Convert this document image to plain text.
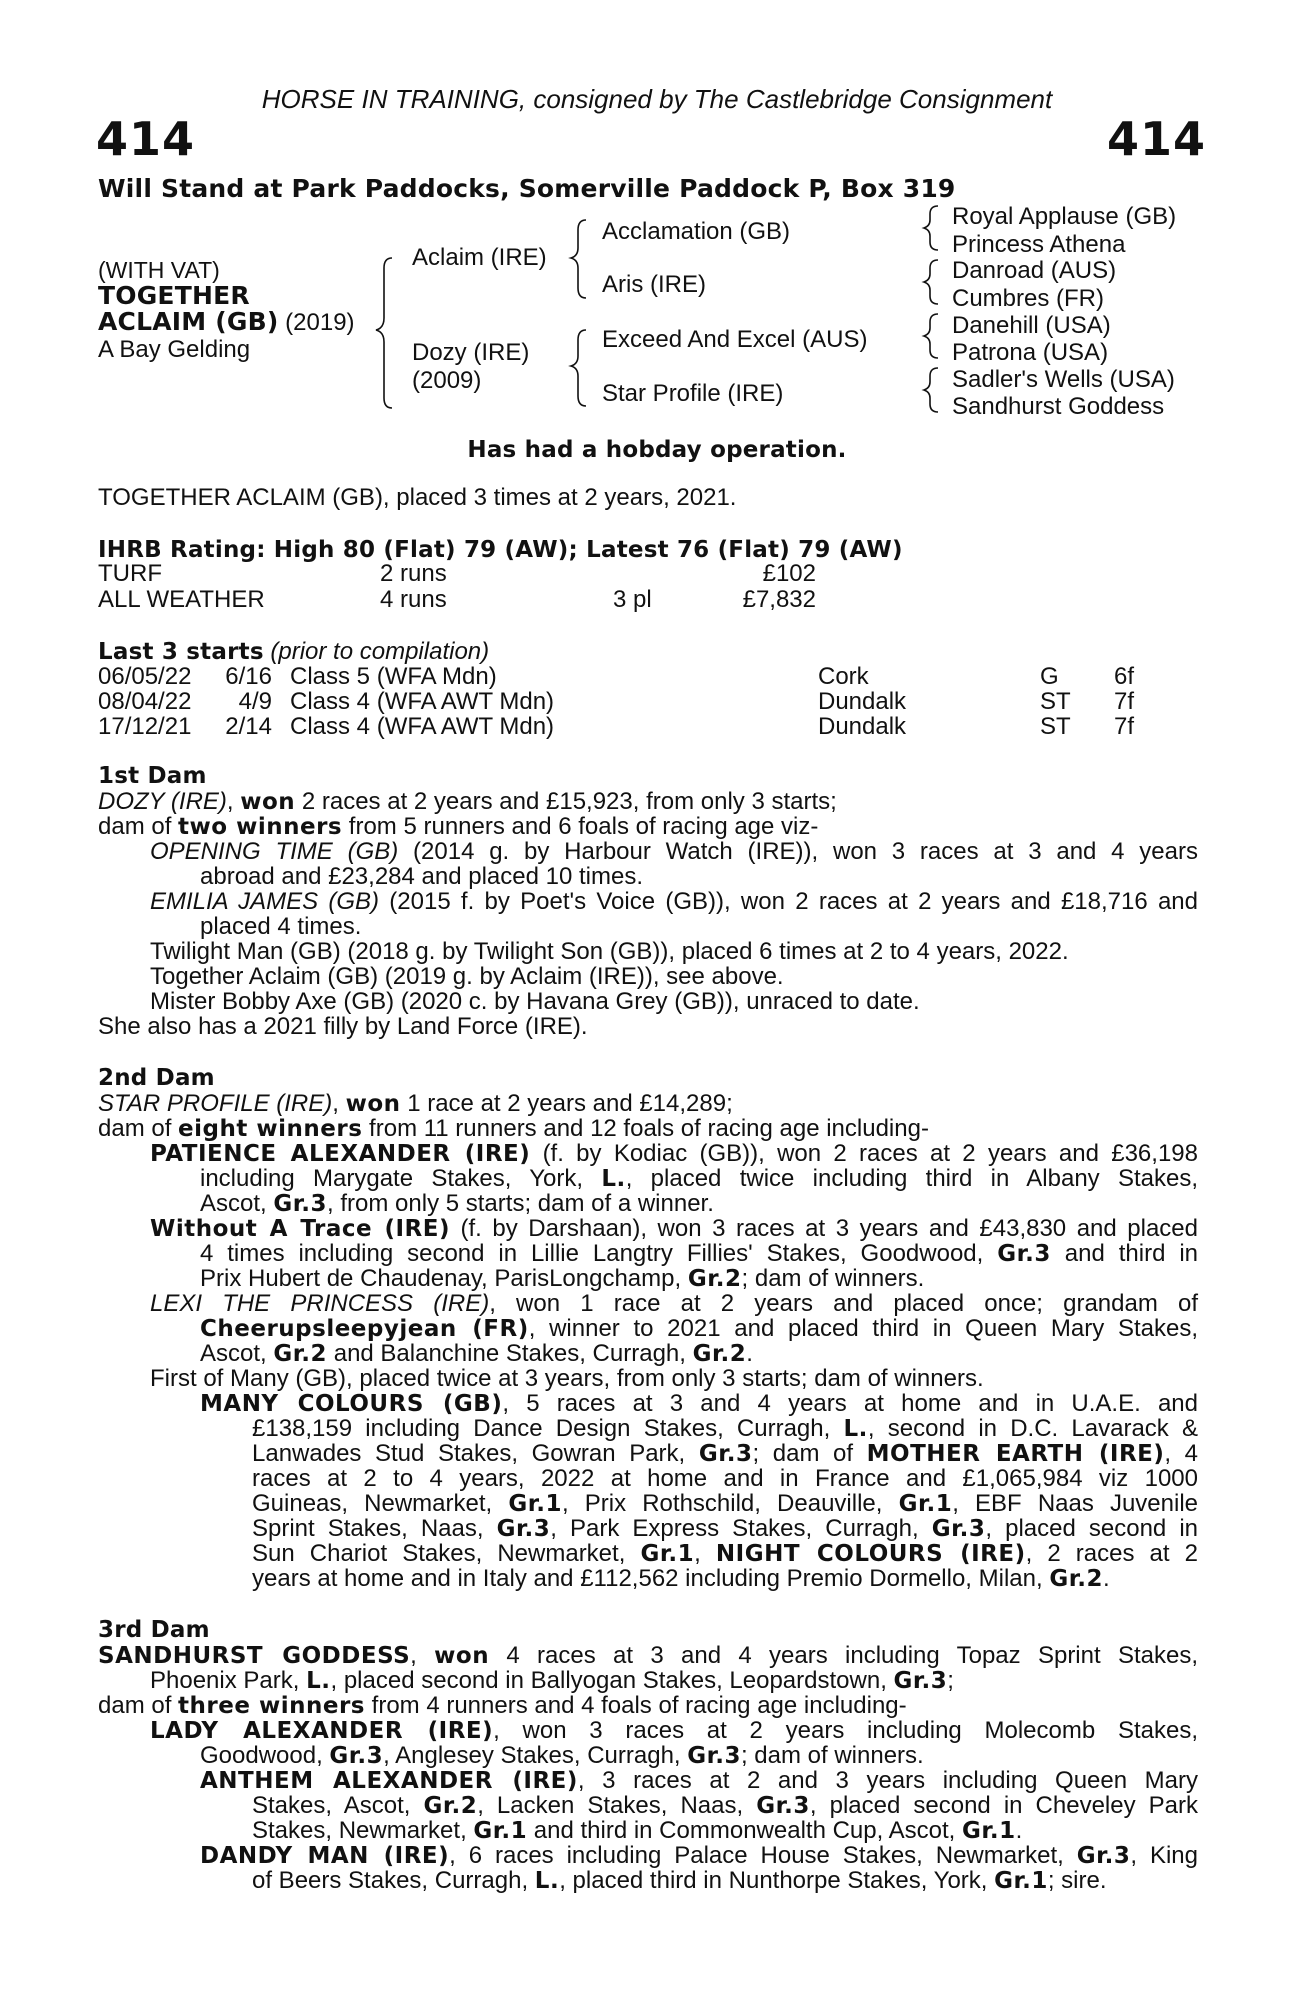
HORSE IN TRAINING, consigned by The Castlebridge Consignment
414	414
Will Stand at Park Paddocks, Somerville Paddock P, Box 319
(WITH VAT)
TOGETHER
ACLAIM (GB) (2019)
A Bay Gelding
Aclaim (IRE)
Dozy (IRE)
(2009)
Acclamation (GB)
Aris (IRE)
Exceed And Excel (AUS)
Star Profile (IRE)
Royal Applause (GB)
Princess Athena
Danroad (AUS)
Cumbres (FR)
Danehill (USA)
Patrona (USA)
Sadler's Wells (USA)
Sandhurst Goddess
Has had a hobday operation.
TOGETHER ACLAIM (GB), placed 3 times at 2 years, 2021.
IHRB Rating: High 80 (Flat) 79 (AW); Latest 76 (Flat) 79 (AW)
TURF	2 runs	£102
ALL WEATHER	4 runs	3 pl	£7,832
Last 3 starts (prior to compilation)
06/05/22 6/16 Class 5 (WFA Mdn)	Cork	G 6f
08/04/22 4/9 Class 4 (WFA AWT Mdn)	Dundalk	ST 7f
17/12/21 2/14 Class 4 (WFA AWT Mdn)	Dundalk	ST 7f
1st Dam
DOZY (IRE), won 2 races at 2 years and £15,923, from only 3 starts;
dam of two winners from 5 runners and 6 foals of racing age viz-
OPENING TIME (GB) (2014 g. by Harbour Watch (IRE)), won 3 races at 3 and 4 years
abroad and £23,284 and placed 10 times.
EMILIA JAMES (GB) (2015 f. by Poet's Voice (GB)), won 2 races at 2 years and £18,716 and
placed 4 times.
Twilight Man (GB) (2018 g. by Twilight Son (GB)), placed 6 times at 2 to 4 years, 2022.
Together Aclaim (GB) (2019 g. by Aclaim (IRE)), see above.
Mister Bobby Axe (GB) (2020 c. by Havana Grey (GB)), unraced to date.
She also has a 2021 filly by Land Force (IRE).
2nd Dam
STAR PROFILE (IRE), won 1 race at 2 years and £14,289;
dam of eight winners from 11 runners and 12 foals of racing age including-
PATIENCE ALEXANDER (IRE) (f. by Kodiac (GB)), won 2 races at 2 years and £36,198
including Marygate Stakes, York, L., placed twice including third in Albany Stakes,
Ascot, Gr.3, from only 5 starts; dam of a winner.
Without A Trace (IRE) (f. by Darshaan), won 3 races at 3 years and £43,830 and placed
4 times including second in Lillie Langtry Fillies' Stakes, Goodwood, Gr.3 and third in
Prix Hubert de Chaudenay, ParisLongchamp, Gr.2; dam of winners.
LEXI THE PRINCESS (IRE), won 1 race at 2 years and placed once; grandam of
Cheerupsleepyjean (FR), winner to 2021 and placed third in Queen Mary Stakes,
Ascot, Gr.2 and Balanchine Stakes, Curragh, Gr.2.
First of Many (GB), placed twice at 3 years, from only 3 starts; dam of winners.
MANY COLOURS (GB), 5 races at 3 and 4 years at home and in U.A.E. and
£138,159 including Dance Design Stakes, Curragh, L., second in D.C. Lavarack &
Lanwades Stud Stakes, Gowran Park, Gr.3; dam of MOTHER EARTH (IRE), 4
races at 2 to 4 years, 2022 at home and in France and £1,065,984 viz 1000
Guineas, Newmarket, Gr.1, Prix Rothschild, Deauville, Gr.1, EBF Naas Juvenile
Sprint Stakes, Naas, Gr.3, Park Express Stakes, Curragh, Gr.3, placed second in
Sun Chariot Stakes, Newmarket, Gr.1, NIGHT COLOURS (IRE), 2 races at 2
years at home and in Italy and £112,562 including Premio Dormello, Milan, Gr.2.
3rd Dam
SANDHURST GODDESS, won 4 races at 3 and 4 years including Topaz Sprint Stakes,
Phoenix Park, L., placed second in Ballyogan Stakes, Leopardstown, Gr.3;
dam of three winners from 4 runners and 4 foals of racing age including-
LADY ALEXANDER (IRE), won 3 races at 2 years including Molecomb Stakes,
Goodwood, Gr.3, Anglesey Stakes, Curragh, Gr.3; dam of winners.
ANTHEM ALEXANDER (IRE), 3 races at 2 and 3 years including Queen Mary
Stakes, Ascot, Gr.2, Lacken Stakes, Naas, Gr.3, placed second in Cheveley Park
Stakes, Newmarket, Gr.1 and third in Commonwealth Cup, Ascot, Gr.1.
DANDY MAN (IRE), 6 races including Palace House Stakes, Newmarket, Gr.3, King
of Beers Stakes, Curragh, L., placed third in Nunthorpe Stakes, York, Gr.1; sire.
